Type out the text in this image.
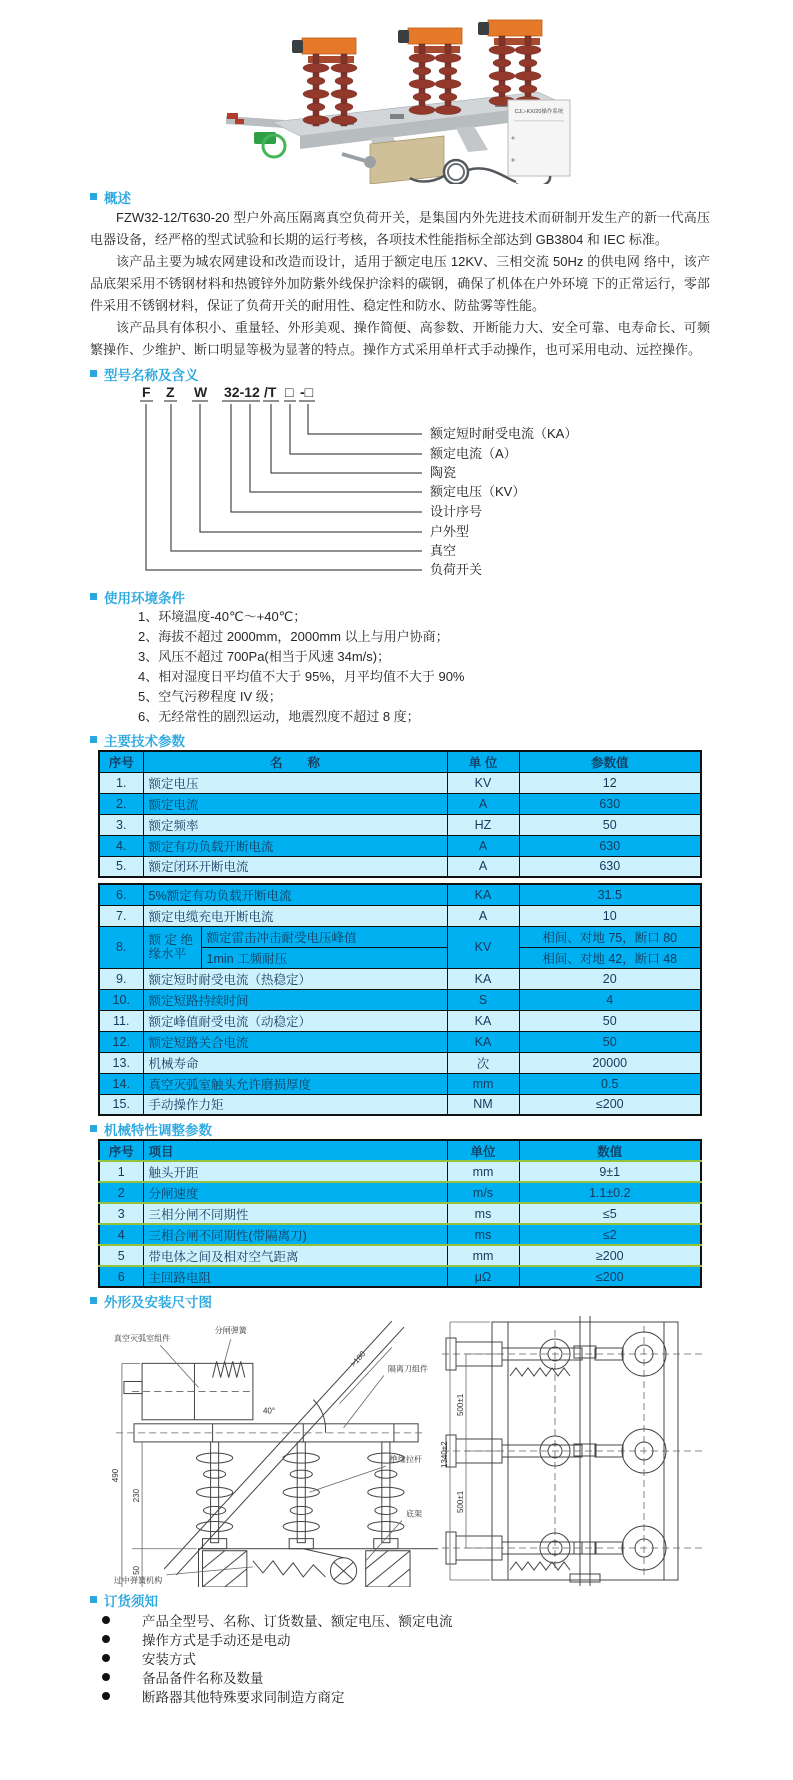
CJ□-KX/20操作系统
概述

FZW32-12/T630-20 型户外高压隔离真空负荷开关，是集国内外先进技术而研制开发生产的新一代高压电器设备，经严格的型式试验和长期的运行考核，各项技术性能指标全部达到 GB3804 和 IEC 标准。

该产品主要为城农网建设和改造而设计，适用于额定电压 12KV、三相交流 50Hz 的供电网 络中，该产品底架采用不锈钢材料和热镀锌外加防紫外线保护涂料的碳钢，确保了机体在户外环境 下的正常运行，零部件采用不锈钢材料，保证了负荷开关的耐用性、稳定性和防水、防盐雾等性能。

该产品具有体积小、重量轻、外形美观、操作简便、高参数、开断能力大、安全可靠、电寿命长、可频繁操作、少维护、断口明显等极为显著的特点。操作方式采用单杆式手动操作，也可采用电动、远控操作。

型号名称及含义
F Z W 32-12 /T □ -□
额定短时耐受电流（KA）
额定电流（A）
陶瓷
额定电压（KV）
设计序号
户外型
真空
负荷开关
使用环境条件
1、环境温度-40℃～+40℃；
2、海拔不超过 2000mm，2000mm 以上与用户协商；
3、风压不超过 700Pa(相当于风速 34m/s)；
4、相对湿度日平均值不大于 95%，月平均值不大于 90%
5、空气污秽程度 IV 级；
6、无经常性的剧烈运动，地震烈度不超过 8 度；
主要技术参数
序号	名　　称	单 位	参数值
1.	额定电压	KV	12
2.	额定电流	A	630
3.	额定频率	HZ	50
4.	额定有功负载开断电流	A	630
5.	额定闭环开断电流	A	630
6.	5%额定有功负载开断电流		KA	31.5
7.	额定电缆充电开断电流		A	10
8.	额 定 绝 缘水平	额定雷击冲击耐受电压峰值	KV	相间、对地 75，断口 80
		1min 工频耐压		相间、对地 42，断口 48
9.	额定短时耐受电流（热稳定）		KA	20
10.	额定短路持续时间		S	4
11.	额定峰值耐受电流（动稳定）		KA	50
12.	额定短路关合电流		KA	50
13.	机械寿命		次	20000
14.	真空灭弧室触头允许磨损厚度		mm	0.5
15.	手动操作力矩		NM	≤200
机械特性调整参数
序号	项目	单位	数值
1	触头开距	mm	9±1
2	分闸速度	m/s	1.1±0.2
3	三相分闸不同期性	ms	≤5
4	三相合闸不同期性(带隔离刀)	ms	≤2
5	带电体之间及相对空气距离	mm	≥200
6	主回路电阻	μΩ	≤200
外形及安装尺寸图
真空灭弧室组件
分闸弹簧
隔离刀组件
绝缘拉杆
底架
过中弹簧机构
40°
>180
490
230
50
1340±2
500±1
500±1
订货须知
产品全型号、名称、订货数量、额定电压、额定电流
操作方式是手动还是电动
安装方式
备品备件名称及数量
断路器其他特殊要求同制造方商定
